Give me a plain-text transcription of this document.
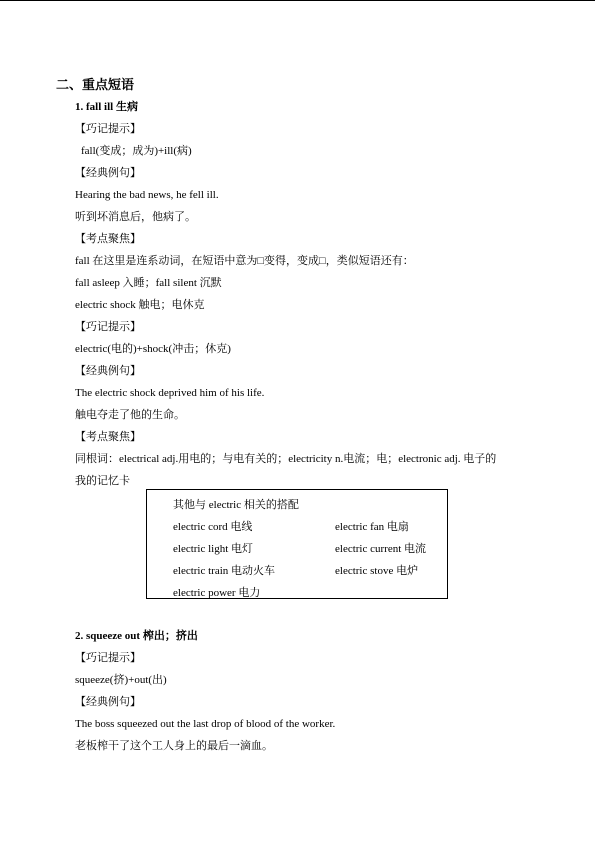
二、重点短语
1. fall ill 生病
【巧记提示】
fall(变成；成为)+ill(病)
【经典例句】
Hearing the bad news, he fell ill.
听到坏消息后，他病了。
【考点聚焦】
fall 在这里是连系动词，在短语中意为□变得，变成□，类似短语还有：
fall asleep 入睡；fall silent 沉默
electric shock 触电；电休克
【巧记提示】
electric(电的)+shock(冲击；休克)
【经典例句】
The electric shock deprived him of his life.
触电夺走了他的生命。
【考点聚焦】
同根词：electrical adj.用电的；与电有关的；electricity n.电流；电；electronic adj. 电子的
我的记忆卡
其他与 electric 相关的搭配
electric cord 电线	electric fan 电扇
electric light 电灯	electric current 电流
electric train 电动火车	electric stove 电炉
electric power 电力
2. squeeze out 榨出；挤出
【巧记提示】
squeeze(挤)+out(出)
【经典例句】
The boss squeezed out the last drop of blood of the worker.
老板榨干了这个工人身上的最后一滴血。
